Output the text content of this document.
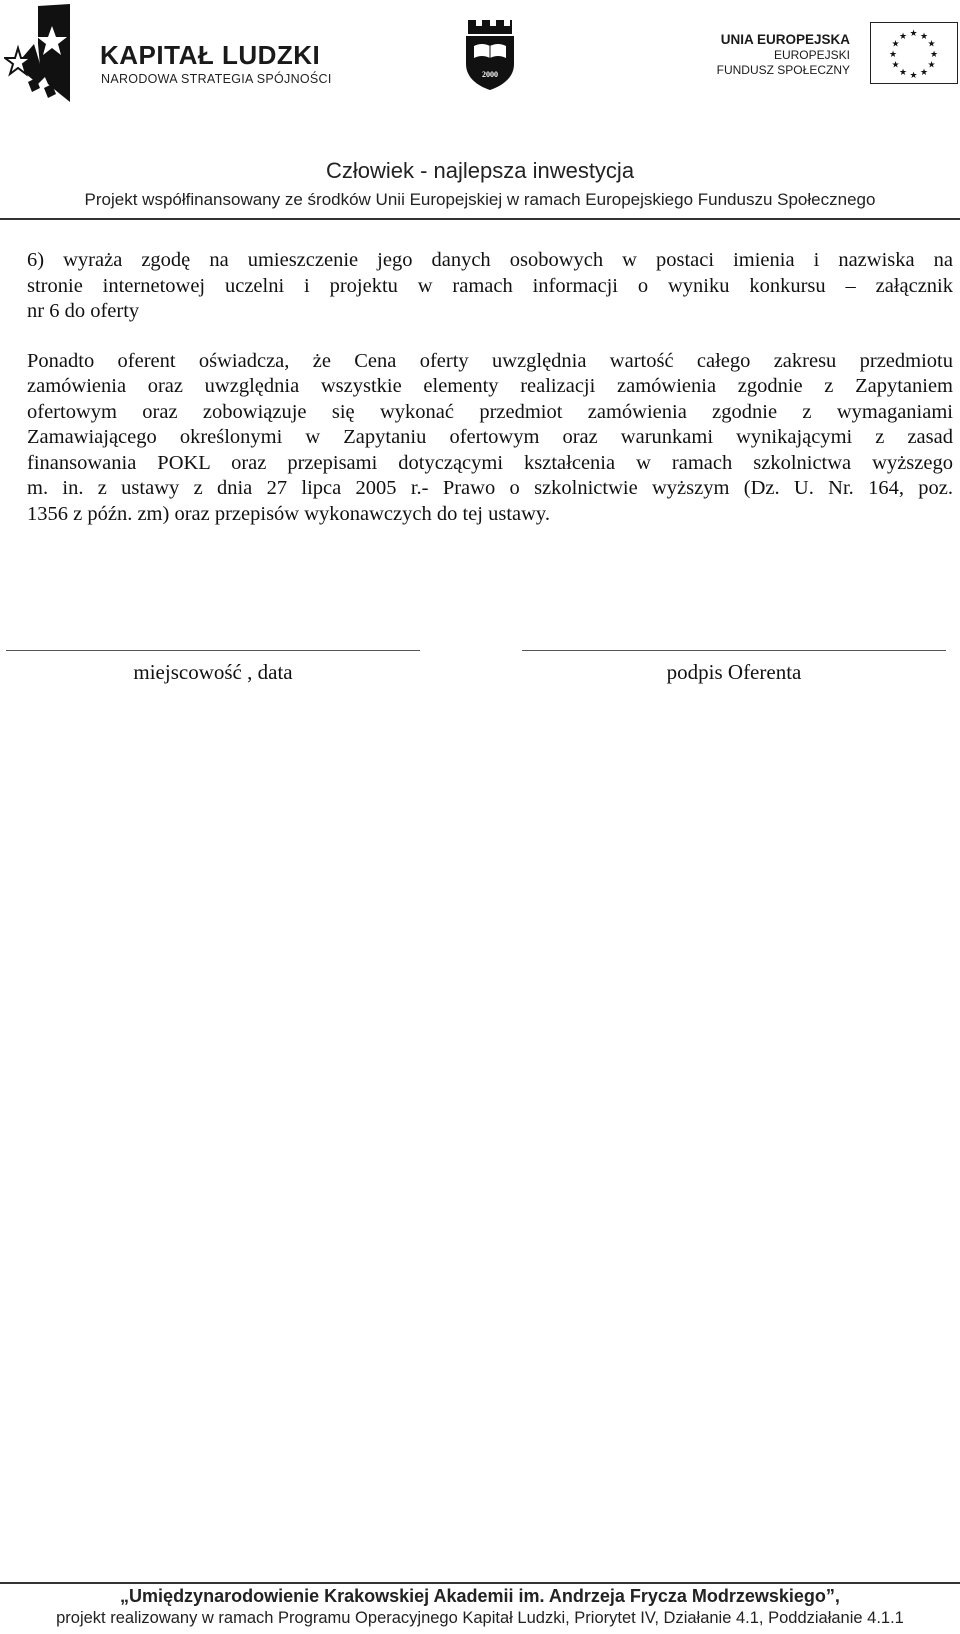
KAPITAŁ LUDZKI
NARODOWA STRATEGIA SPÓJNOŚCI	2000
UNIA EUROPEJSKA
EUROPEJSKI
FUNDUSZ SPOŁECZNY
★ ★
★
★
★
★
★
★
★
★
★
★
Człowiek - najlepsza inwestycja
Projekt współfinansowany ze środków Unii Europejskiej w ramach Europejskiego Funduszu Społecznego

6) wyraża zgodę na umieszczenie jego danych osobowych w postaci imienia i nazwiska na
stronie internetowej uczelni i projektu w ramach informacji o wyniku konkursu – załącznik
nr 6 do oferty

Ponadto oferent oświadcza, że Cena oferty uwzględnia wartość całego zakresu przedmiotu
zamówienia oraz uwzględnia wszystkie elementy realizacji zamówienia zgodnie z Zapytaniem
ofertowym oraz zobowiązuje się wykonać przedmiot zamówienia zgodnie z wymaganiami
Zamawiającego określonymi w Zapytaniu ofertowym oraz warunkami wynikającymi z zasad
finansowania POKL oraz przepisami dotyczącymi kształcenia w ramach szkolnictwa wyższego
m. in. z ustawy z dnia 27 lipca 2005 r.- Prawo o szkolnictwie wyższym (Dz. U. Nr. 164, poz.
1356 z późn. zm) oraz przepisów wykonawczych do tej ustawy.

miejscowość , data	podpis Oferenta
„Umiędzynarodowienie Krakowskiej Akademii im. Andrzeja Frycza Modrzewskiego”,
projekt realizowany w ramach Programu Operacyjnego Kapitał Ludzki, Priorytet IV, Działanie 4.1, Poddziałanie 4.1.1
